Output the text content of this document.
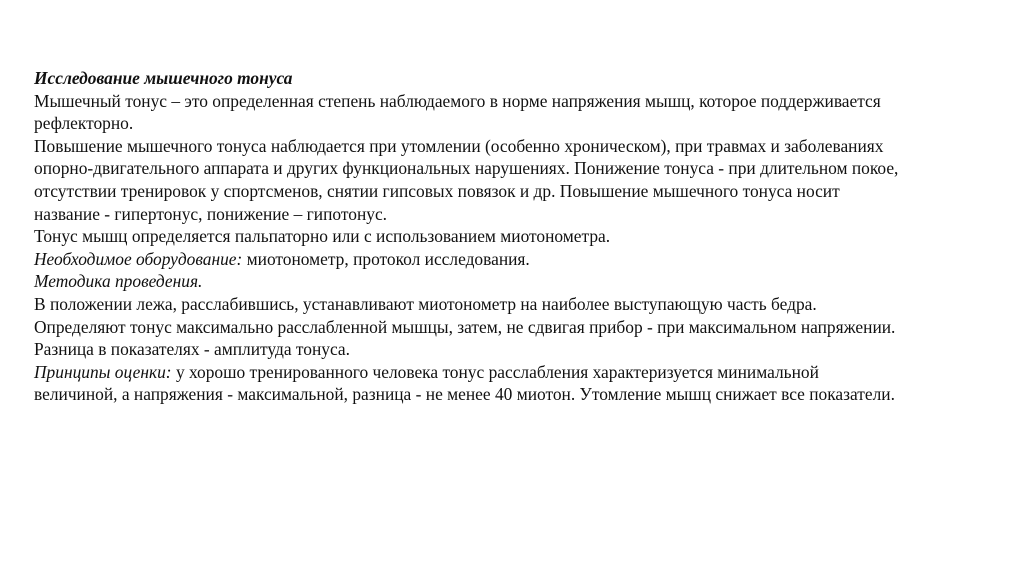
Исследование мышечного тонуса
Мышечный тонус – это определенная степень наблюдаемого в норме напряжения мышц, которое поддерживается
рефлекторно.
Повышение мышечного тонуса наблюдается при утомлении (особенно хроническом), при травмах и заболеваниях
опорно-двигательного аппарата и других функциональных нарушениях. Понижение тонуса - при длительном покое,
отсутствии тренировок у спортсменов, снятии гипсовых повязок и др. Повышение мышечного тонуса носит
название - гипертонус, понижение – гипотонус.
Тонус мышц определяется пальпаторно или с использованием миотонометра.
Необходимое оборудование: миотонометр, протокол исследования.
Методика проведения.
В положении лежа, расслабившись, устанавливают миотонометр на наиболее выступающую часть бедра.
Определяют тонус максимально расслабленной мышцы, затем, не сдвигая прибор - при максимальном напряжении.
Разница в показателях - амплитуда тонуса.
Принципы оценки: у хорошо тренированного человека тонус расслабления характеризуется минимальной
величиной, а напряжения - максимальной, разница - не менее 40 миотон. Утомление мышц снижает все показатели.
